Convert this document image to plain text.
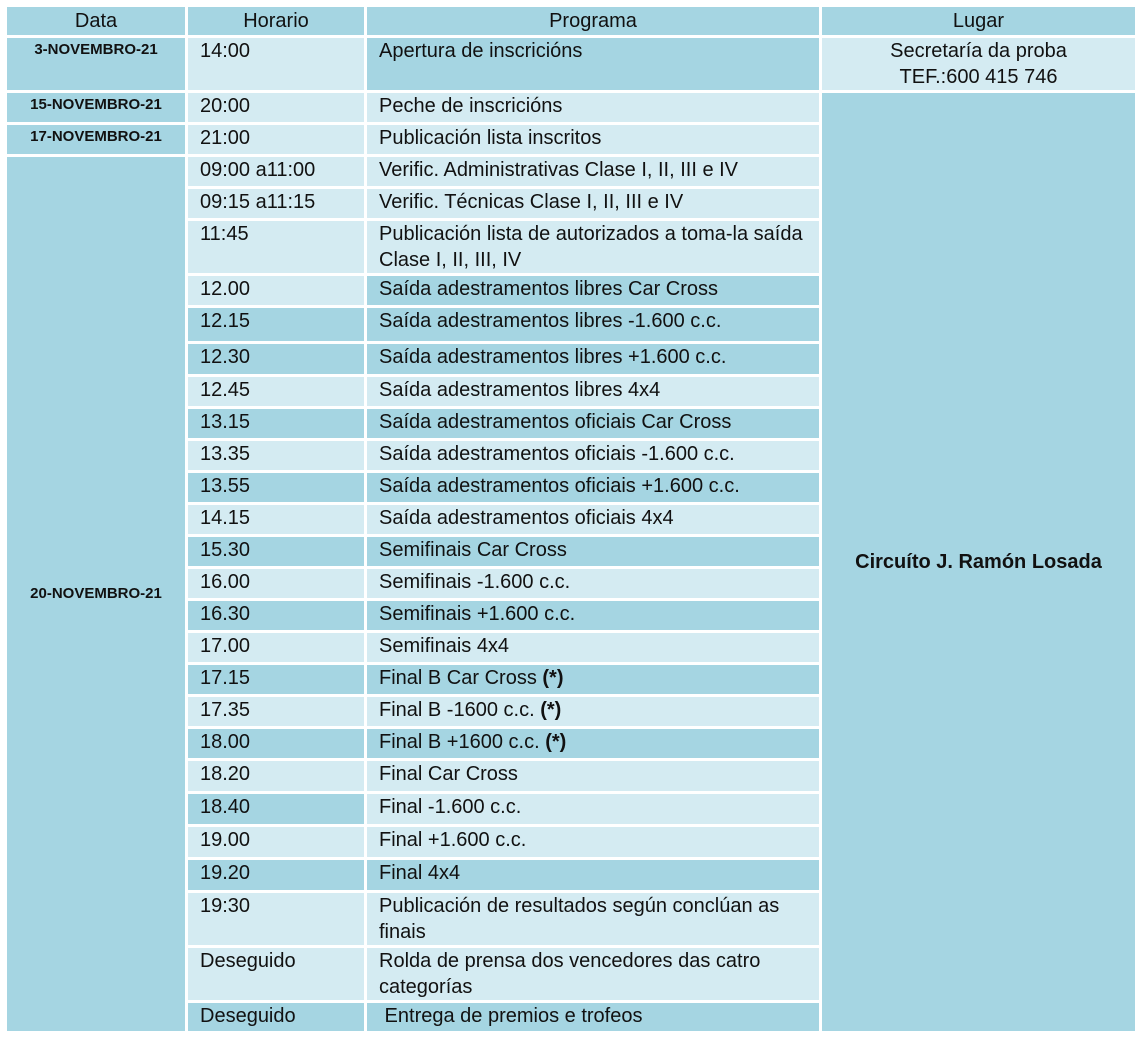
Data	Horario	Programa	Lugar
3-NOVEMBRO-21	14:00	Apertura de inscricións	Secretaría da proba
TEF.:600 415 746

15-NOVEMBRO-21	20:00	Peche de inscricións	Circuíto J. Ramón Losada
17-NOVEMBRO-21	21:00	Publicación lista inscritos	
20-NOVEMBRO-21	09:00 a11:00	Verific. Administrativas Clase I, II, III e IV	
	09:15 a11:15	Verific. Técnicas Clase I, II, III e IV	
	11:45	Publicación lista de autorizados a toma-la saída Clase I, II, III, IV	
	12.00	Saída adestramentos libres Car Cross	
	12.15	Saída adestramentos libres -1.600 c.c.	
	12.30	Saída adestramentos libres +1.600 c.c.	
	12.45	Saída adestramentos libres 4x4	
	13.15	Saída adestramentos oficiais Car Cross	
	13.35	Saída adestramentos oficiais -1.600 c.c.	
	13.55	Saída adestramentos oficiais +1.600 c.c.	
	14.15	Saída adestramentos oficiais 4x4	
	15.30	Semifinais Car Cross	
	16.00	Semifinais -1.600 c.c.	
	16.30	Semifinais +1.600 c.c.	
	17.00	Semifinais 4x4	
	17.15	Final B Car Cross (*)	
	17.35	Final B -1600 c.c. (*)	
	18.00	Final B +1600 c.c. (*)	
	18.20	Final Car Cross	
	18.40	Final -1.600 c.c.	
	19.00	Final +1.600 c.c.	
	19.20	Final 4x4	
	19:30	Publicación de resultados según conclúan as finais	
	Deseguido	Rolda de prensa dos vencedores das catro categorías	
	Deseguido	Entrega de premios e trofeos	
